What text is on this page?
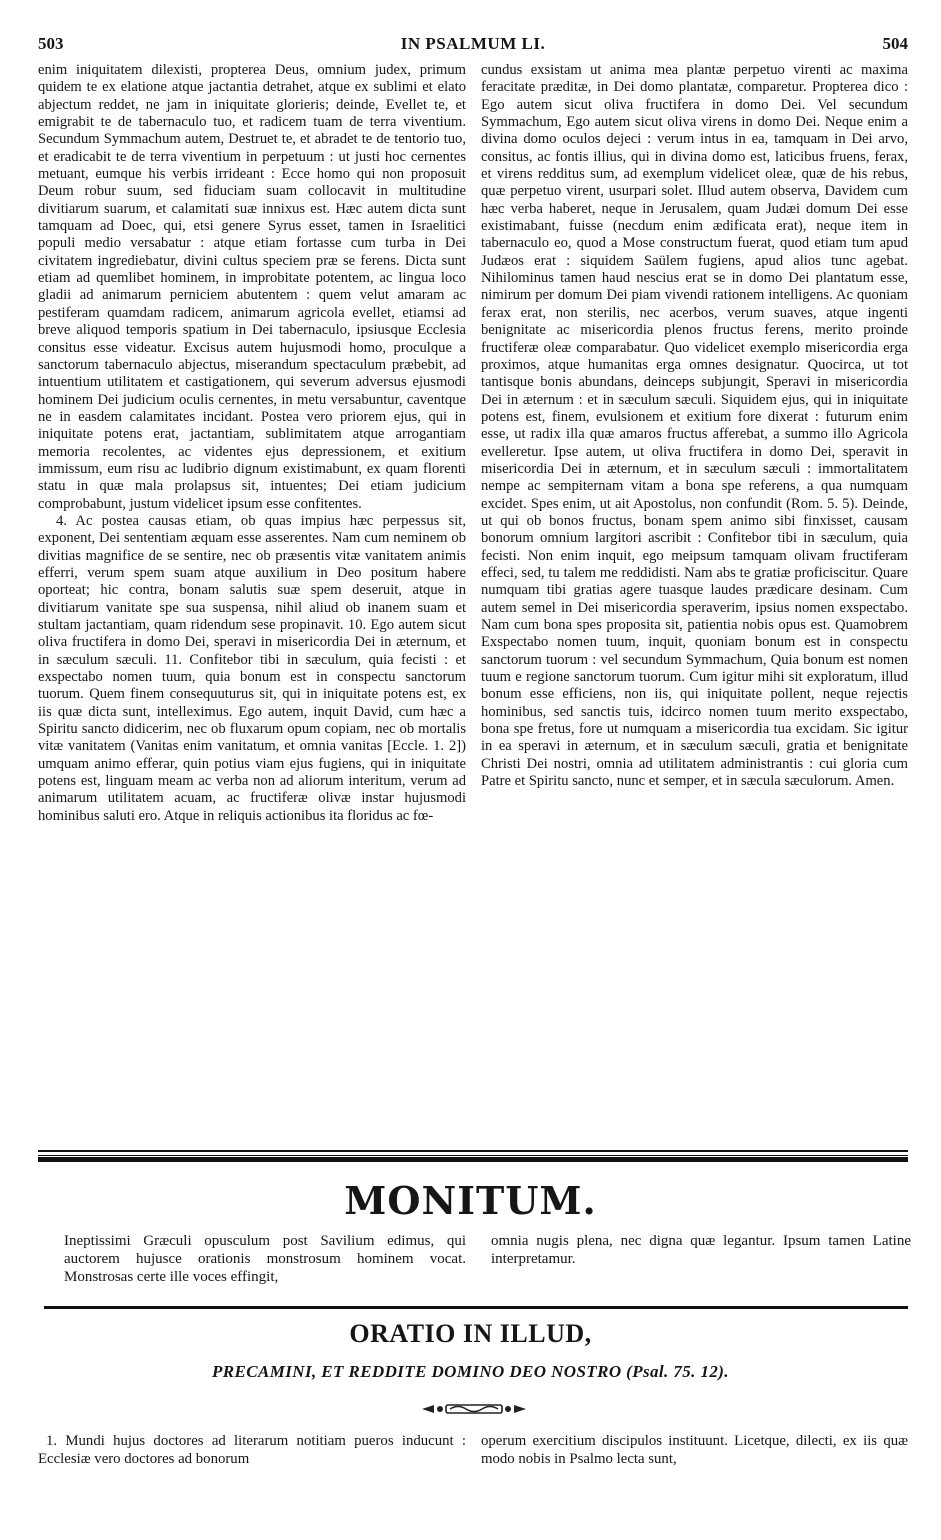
503	IN PSALMUM LI.	504

enim iniquitatem dilexisti, propterea Deus, omnium judex, primum quidem te ex elatione atque jactantia detrahet, atque ex sublimi et elato abjectum reddet, ne jam in iniquitate glorieris; deinde, Evellet te, et emigrabit te de tabernaculo tuo, et radicem tuam de terra viventium. Secundum Symmachum autem, Destruet te, et abradet te de tentorio tuo, et eradicabit te de terra viventium in perpetuum : ut justi hoc cernentes metuant, eumque his verbis irrideant : Ecce homo qui non proposuit Deum robur suum, sed fiduciam suam collocavit in multitudine divitiarum suarum, et calamitati suæ innixus est. Hæc autem dicta sunt tamquam ad Doec, qui, etsi genere Syrus esset, tamen in Israelitici populi medio versabatur : atque etiam fortasse cum turba in Dei civitatem ingrediebatur, divini cultus speciem præ se ferens. Dicta sunt etiam ad quemlibet hominem, in improbitate potentem, ac lingua loco gladii ad animarum perniciem abutentem : quem velut amaram ac pestiferam quamdam radicem, animarum agricola evellet, etiamsi ad breve aliquod temporis spatium in Dei tabernaculo, ipsiusque Ecclesia consitus esse videatur. Excisus autem hujusmodi homo, proculque a sanctorum tabernaculo abjectus, miserandum spectaculum præbebit, ad intuentium utilitatem et castigationem, qui severum adversus ejusmodi hominem Dei judicium oculis cernentes, in metu versabuntur, caventque ne in easdem calamitates incidant. Postea vero priorem ejus, qui in iniquitate potens erat, jactantiam, sublimitatem atque arrogantiam memoria recolentes, ac videntes ejus depressionem, et exitium immissum, eum risu ac ludibrio dignum existimabunt, ex quam florenti statu in quæ mala prolapsus sit, intuentes; Dei etiam judicium comprobabunt, justum videlicet ipsum esse confitentes.

4. Ac postea causas etiam, ob quas impius hæc perpessus sit, exponent, Dei sententiam æquam esse asserentes. Nam cum neminem ob divitias magnifice de se sentire, nec ob præsentis vitæ vanitatem animis efferri, verum spem suam atque auxilium in Deo positum habere oporteat; hic contra, bonam salutis suæ spem deseruit, atque in divitiarum vanitate spe sua suspensa, nihil aliud ob inanem suam et stultam jactantiam, quam ridendum sese propinavit. 10. Ego autem sicut oliva fructifera in domo Dei, speravi in misericordia Dei in æternum, et in sæculum sæculi. 11. Confitebor tibi in sæculum, quia fecisti : et exspectabo nomen tuum, quia bonum est in conspectu sanctorum tuorum. Quem finem consequuturus sit, qui in iniquitate potens est, ex iis quæ dicta sunt, intelleximus. Ego autem, inquit David, cum hæc a Spiritu sancto didicerim, nec ob fluxarum opum copiam, nec ob mortalis vitæ vanitatem (Vanitas enim vanitatum, et omnia vanitas [Eccle. 1. 2]) umquam animo efferar, quin potius viam ejus fugiens, qui in iniquitate potens est, linguam meam ac verba non ad aliorum interitum, verum ad animarum utilitatem acuam, ac fructiferæ olivæ instar hujusmodi hominibus saluti ero. Atque in reliquis actionibus ita floridus ac fœ-

cundus exsistam ut anima mea plantæ perpetuo virenti ac maxima feracitate præditæ, in Dei domo plantatæ, comparetur. Propterea dico : Ego autem sicut oliva fructifera in domo Dei. Vel secundum Symmachum, Ego autem sicut oliva virens in domo Dei. Neque enim a divina domo oculos dejeci : verum intus in ea, tamquam in Dei arvo, consitus, ac fontis illius, qui in divina domo est, laticibus fruens, ferax, et virens redditus sum, ad exemplum videlicet oleæ, quæ de his rebus, quæ perpetuo virent, usurpari solet. Illud autem observa, Davidem cum hæc verba haberet, neque in Jerusalem, quam Judæi domum Dei esse existimabant, fuisse (necdum enim ædificata erat), neque item in tabernaculo eo, quod a Mose constructum fuerat, quod etiam tum apud Judæos erat : siquidem Saülem fugiens, apud alios tunc agebat. Nihilominus tamen haud nescius erat se in domo Dei plantatum esse, nimirum per domum Dei piam vivendi rationem intelligens. Ac quoniam ferax erat, non sterilis, nec acerbos, verum suaves, atque ingenti benignitate ac misericordia plenos fructus ferens, merito proinde fructiferæ oleæ comparabatur. Quo videlicet exemplo misericordia erga proximos, atque humanitas erga omnes designatur. Quocirca, ut tot tantisque bonis abundans, deinceps subjungit, Speravi in misericordia Dei in æternum : et in sæculum sæculi. Siquidem ejus, qui in iniquitate potens est, finem, evulsionem et exitium fore dixerat : futurum enim esse, ut radix illa quæ amaros fructus afferebat, a summo illo Agricola evelleretur. Ipse autem, ut oliva fructifera in domo Dei, speravit in misericordia Dei in æternum, et in sæculum sæculi : immortalitatem nempe ac sempiternam vitam a bona spe referens, a qua numquam excidet. Spes enim, ut ait Apostolus, non confundit (Rom. 5. 5). Deinde, ut qui ob bonos fructus, bonam spem animo sibi finxisset, causam bonorum omnium largitori ascribit : Confitebor tibi in sæculum, quia fecisti. Non enim inquit, ego meipsum tamquam olivam fructiferam effeci, sed, tu talem me reddidisti. Nam abs te gratiæ proficiscitur. Quare numquam tibi gratias agere tuasque laudes prædicare desinam. Cum autem semel in Dei misericordia speraverim, ipsius nomen exspectabo. Nam cum bona spes proposita sit, patientia nobis opus est. Quamobrem Exspectabo nomen tuum, inquit, quoniam bonum est in conspectu sanctorum tuorum : vel secundum Symmachum, Quia bonum est nomen tuum e regione sanctorum tuorum. Cum igitur mihi sit exploratum, illud bonum esse efficiens, non iis, qui iniquitate pollent, neque rejectis hominibus, sed sanctis tuis, idcirco nomen tuum merito exspectabo, bona spe fretus, fore ut numquam a misericordia tua excidam. Sic igitur in ea speravi in æternum, et in sæculum sæculi, gratia et benignitate Christi Dei nostri, omnia ad utilitatem administrantis : cui gloria cum Patre et Spiritu sancto, nunc et semper, et in sæcula sæculorum. Amen.

MONITUM.

Ineptissimi Græculi opusculum post Savilium edimus, qui auctorem hujusce orationis monstrosum hominem vocat. Monstrosas certe ille voces effingit,

omnia nugis plena, nec digna quæ legantur. Ipsum tamen Latine interpretamur.

ORATIO IN ILLUD,
PRECAMINI, ET REDDITE DOMINO DEO NOSTRO (Psal. 75. 12).

1. Mundi hujus doctores ad literarum notitiam pueros inducunt : Ecclesiæ vero doctores ad bonorum

operum exercitium discipulos instituunt. Licetque, dilecti, ex iis quæ modo nobis in Psalmo lecta sunt,
